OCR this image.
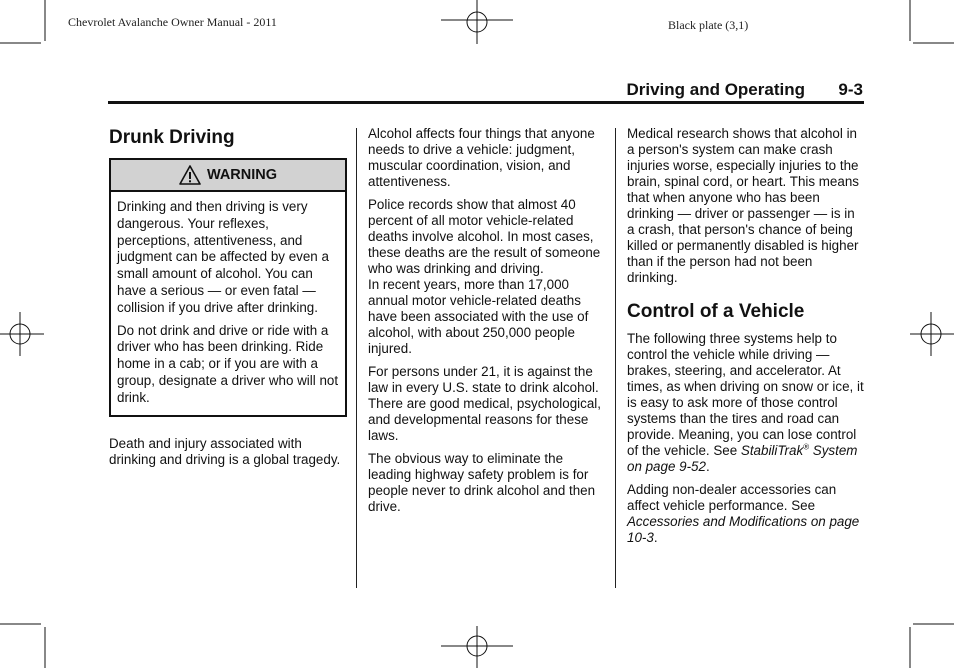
Chevrolet Avalanche Owner Manual - 2011	Black plate (3,1)
Driving and Operating 9-3
Drunk Driving
WARNING

Drinking and then driving is very dangerous. Your reflexes, perceptions, attentiveness, and judgment can be affected by even a small amount of alcohol. You can have a serious — or even fatal — collision if you drive after drinking.

Do not drink and drive or ride with a driver who has been drinking. Ride home in a cab; or if you are with a group, designate a driver who will not drink.

Death and injury associated with drinking and driving is a global tragedy.

Alcohol affects four things that anyone needs to drive a vehicle: judgment, muscular coordination, vision, and attentiveness.

Police records show that almost 40 percent of all motor vehicle-related deaths involve alcohol. In most cases, these deaths are the result of someone who was drinking and driving.

In recent years, more than 17,000 annual motor vehicle-related deaths have been associated with the use of alcohol, with about 250,000 people injured.

For persons under 21, it is against the law in every U.S. state to drink alcohol. There are good medical, psychological, and developmental reasons for these laws.

The obvious way to eliminate the leading highway safety problem is for people never to drink alcohol and then drive.

Medical research shows that alcohol in a person's system can make crash injuries worse, especially injuries to the brain, spinal cord, or heart. This means that when anyone who has been drinking — driver or passenger — is in a crash, that person's chance of being killed or permanently disabled is higher than if the person had not been drinking.

Control of a Vehicle

The following three systems help to control the vehicle while driving — brakes, steering, and accelerator. At times, as when driving on snow or ice, it is easy to ask more of those control systems than the tires and road can provide. Meaning, you can lose control of the vehicle. See StabiliTrak® System on page 9-52.

Adding non-dealer accessories can affect vehicle performance. See Accessories and Modifications on page 10-3.
